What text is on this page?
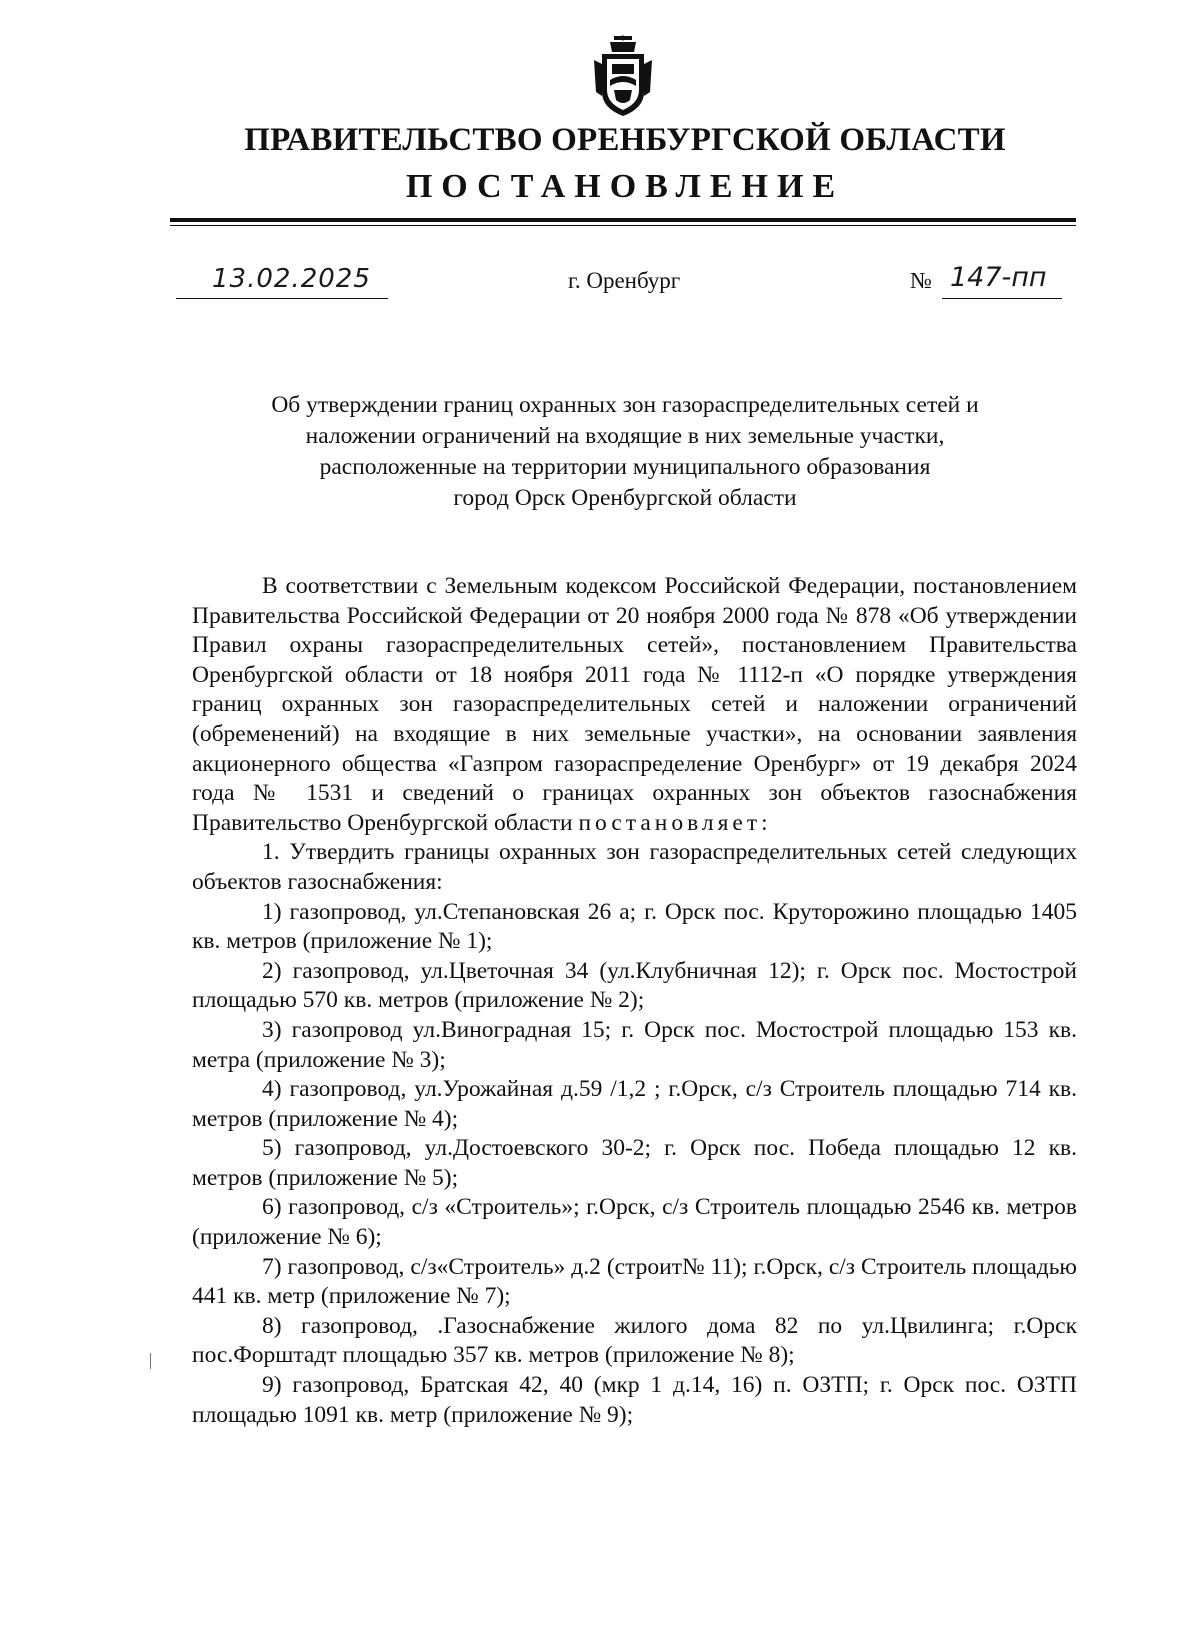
ПРАВИТЕЛЬСТВО ОРЕНБУРГСКОЙ ОБЛАСТИ
ПОСТАНОВЛЕНИЕ
13.02.2025	г. Оренбург	№ 147-пп
Об утверждении границ охранных зон газораспределительных сетей и
наложении ограничений на входящие в них земельные участки,
расположенные на территории муниципального образования
город Орск Оренбургской области

В соответствии с Земельным кодексом Российской Федерации, постановлением Правительства Российской Федерации от 20 ноября 2000 года № 878 «Об утверждении Правил охраны газораспределительных сетей», постановлением Правительства Оренбургской области от 18 ноября 2011 года № 1112-п «О порядке утверждения границ охранных зон газораспределительных сетей и наложении ограничений (обременений) на входящие в них земельные участки», на основании заявления акционерного общества «Газпром газораспределение Оренбург» от 19 декабря 2024 года № 1531 и сведений о границах охранных зон объектов газоснабжения Правительство Оренбургской области постановляет:

1. Утвердить границы охранных зон газораспределительных сетей следующих объектов газоснабжения:

1) газопровод, ул.Степановская 26 а; г. Орск пос. Круторожино площадью 1405 кв. метров (приложение № 1);

2) газопровод, ул.Цветочная 34 (ул.Клубничная 12); г. Орск пос. Мостострой площадью 570 кв. метров (приложение № 2);

3) газопровод ул.Виноградная 15; г. Орск пос. Мостострой площадью 153 кв. метра (приложение № 3);

4) газопровод, ул.Урожайная д.59 /1,2 ; г.Орск, с/з Строитель площадью 714 кв. метров (приложение № 4);

5) газопровод, ул.Достоевского 30-2; г. Орск пос. Победа площадью 12 кв. метров (приложение № 5);

6) газопровод, с/з «Строитель»; г.Орск, с/з Строитель площадью 2546 кв. метров (приложение № 6);

7) газопровод, с/з«Строитель» д.2 (строит№ 11); г.Орск, с/з Строитель площадью 441 кв. метр (приложение № 7);

8) газопровод, .Газоснабжение жилого дома 82 по ул.Цвилинга; г.Орск пос.Форштадт площадью 357 кв. метров (приложение № 8);

9) газопровод, Братская 42, 40 (мкр 1 д.14, 16) п. ОЗТП; г. Орск пос. ОЗТП площадью 1091 кв. метр (приложение № 9);
